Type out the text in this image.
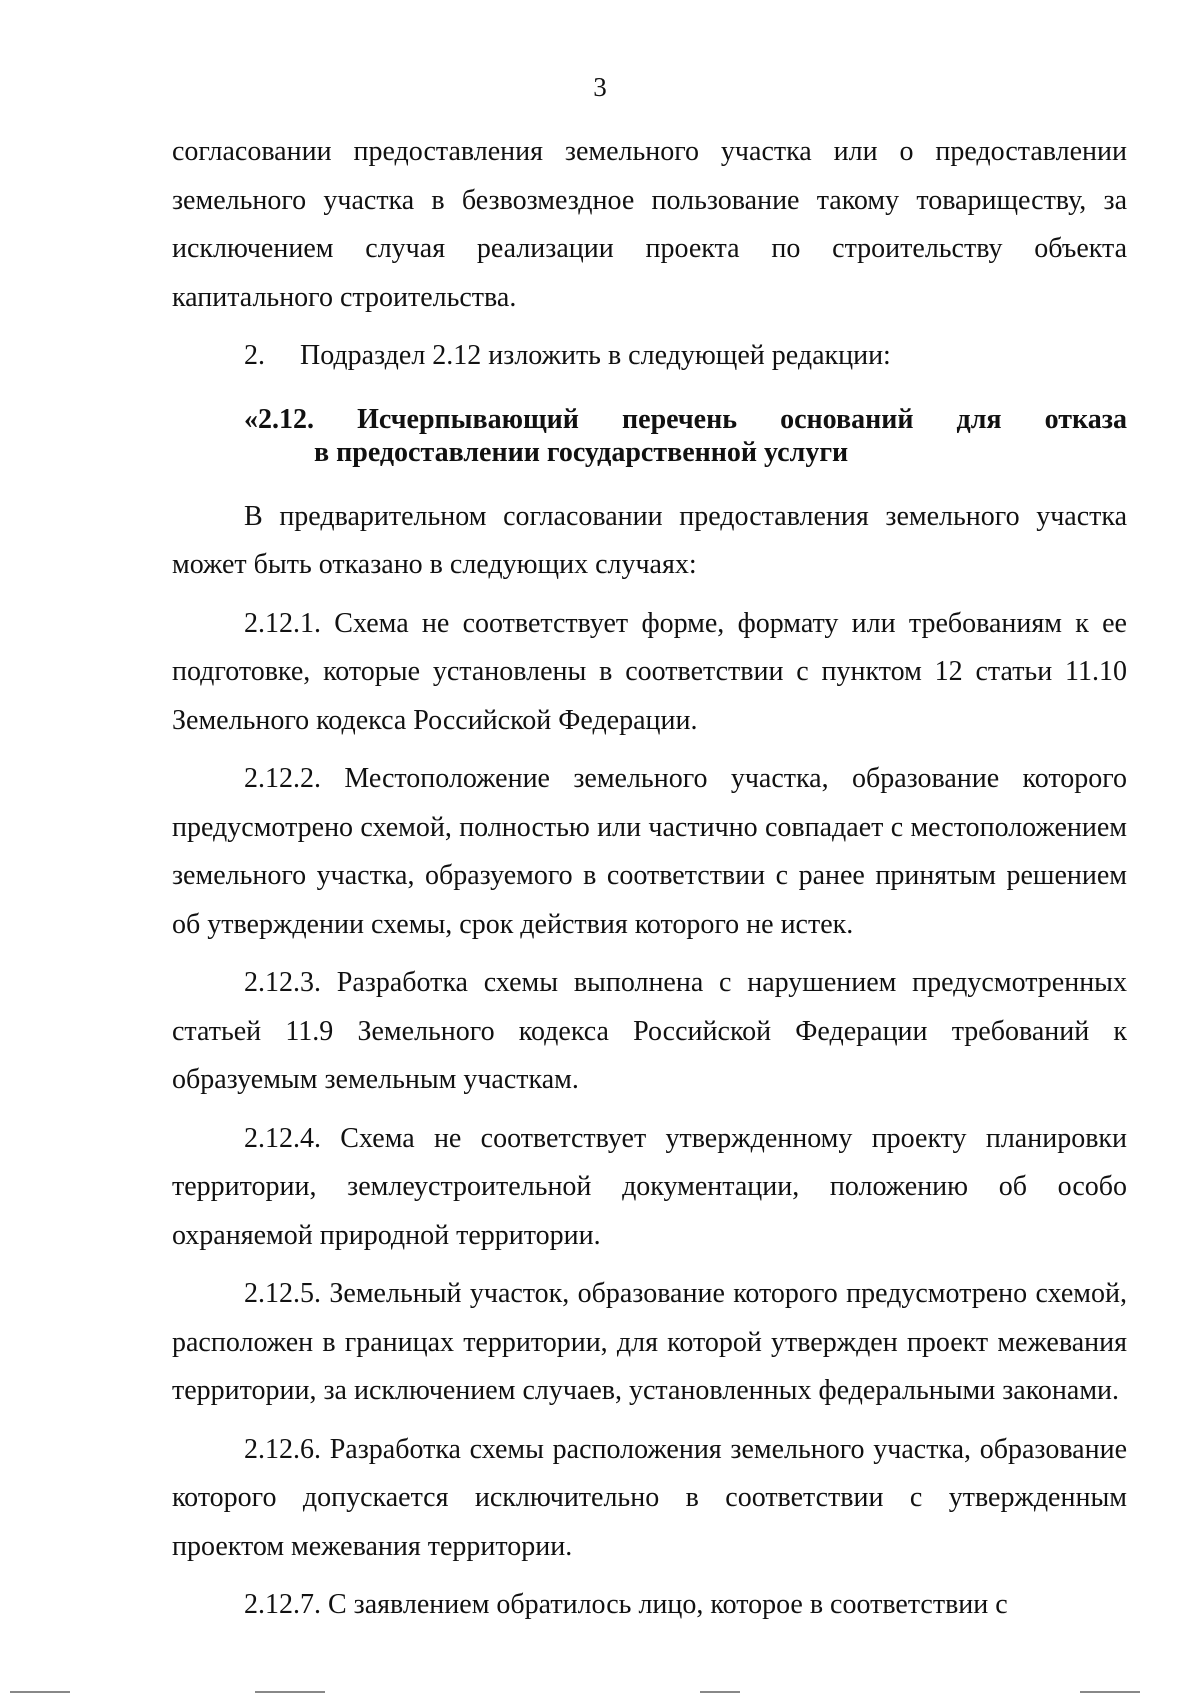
3

согласовании предоставления земельного участка или о предоставлении земельного участка в безвозмездное пользование такому товариществу, за исключением случая реализации проекта по строительству объекта капитального строительства.

2.  Подраздел 2.12 изложить в следующей редакции:

«2.12. Исчерпывающий перечень оснований для отказа
в предоставлении государственной услуги

В предварительном согласовании предоставления земельного участка может быть отказано в следующих случаях:

2.12.1. Схема не соответствует форме, формату или требованиям к ее подготовке, которые установлены в соответствии с пунктом 12 статьи 11.10 Земельного кодекса Российской Федерации.

2.12.2. Местоположение земельного участка, образование которого предусмотрено схемой, полностью или частично совпадает с местоположением земельного участка, образуемого в соответствии с ранее принятым решением об утверждении схемы, срок действия которого не истек.

2.12.3. Разработка схемы выполнена с нарушением предусмотренных статьей 11.9 Земельного кодекса Российской Федерации требований к образуемым земельным участкам.

2.12.4. Схема не соответствует утвержденному проекту планировки территории, землеустроительной документации, положению об особо охраняемой природной территории.

2.12.5. Земельный участок, образование которого предусмотрено схемой, расположен в границах территории, для которой утвержден проект межевания территории, за исключением случаев, установленных федеральными законами.

2.12.6. Разработка схемы расположения земельного участка, образование которого допускается исключительно в соответствии с утвержденным проектом межевания территории.

2.12.7. С заявлением обратилось лицо, которое в соответствии с
